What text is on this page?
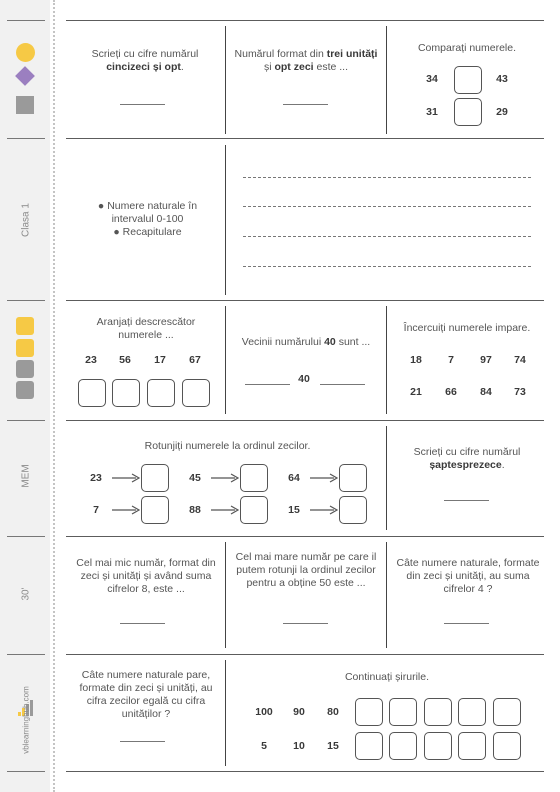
Clasa 1
MEM
30'
vblearninghub.com
Scrieți cu cifre numărul
cincizeci și opt.
Numărul format din trei unități și opt zeci este ...
Comparați numerele.
34	43
31	29
● Numere naturale în intervalul 0-100
● Recapitulare
Aranjați descrescător numerele ...
23	56	17	67
Vecinii numărului 40 sunt ...
40
Încercuiți numerele impare.
18	7	97	74
21	66	84	73
Rotunjiți numerele la ordinul zecilor.
23	45	64
7	88	15
Scrieți cu cifre numărul
șaptesprezece.
Cel mai mic număr, format din zeci și unități și având suma cifrelor 8, este ...
Cel mai mare număr pe care il putem rotunji la ordinul zecilor pentru a obține 50 este ...
Câte numere naturale, formate din zeci și unități, au suma cifrelor 4 ?
Câte numere naturale pare, formate din zeci și unități, au cifra zecilor egală cu cifra unităților ?
Continuați șirurile.
100	90	80
5	10	15
